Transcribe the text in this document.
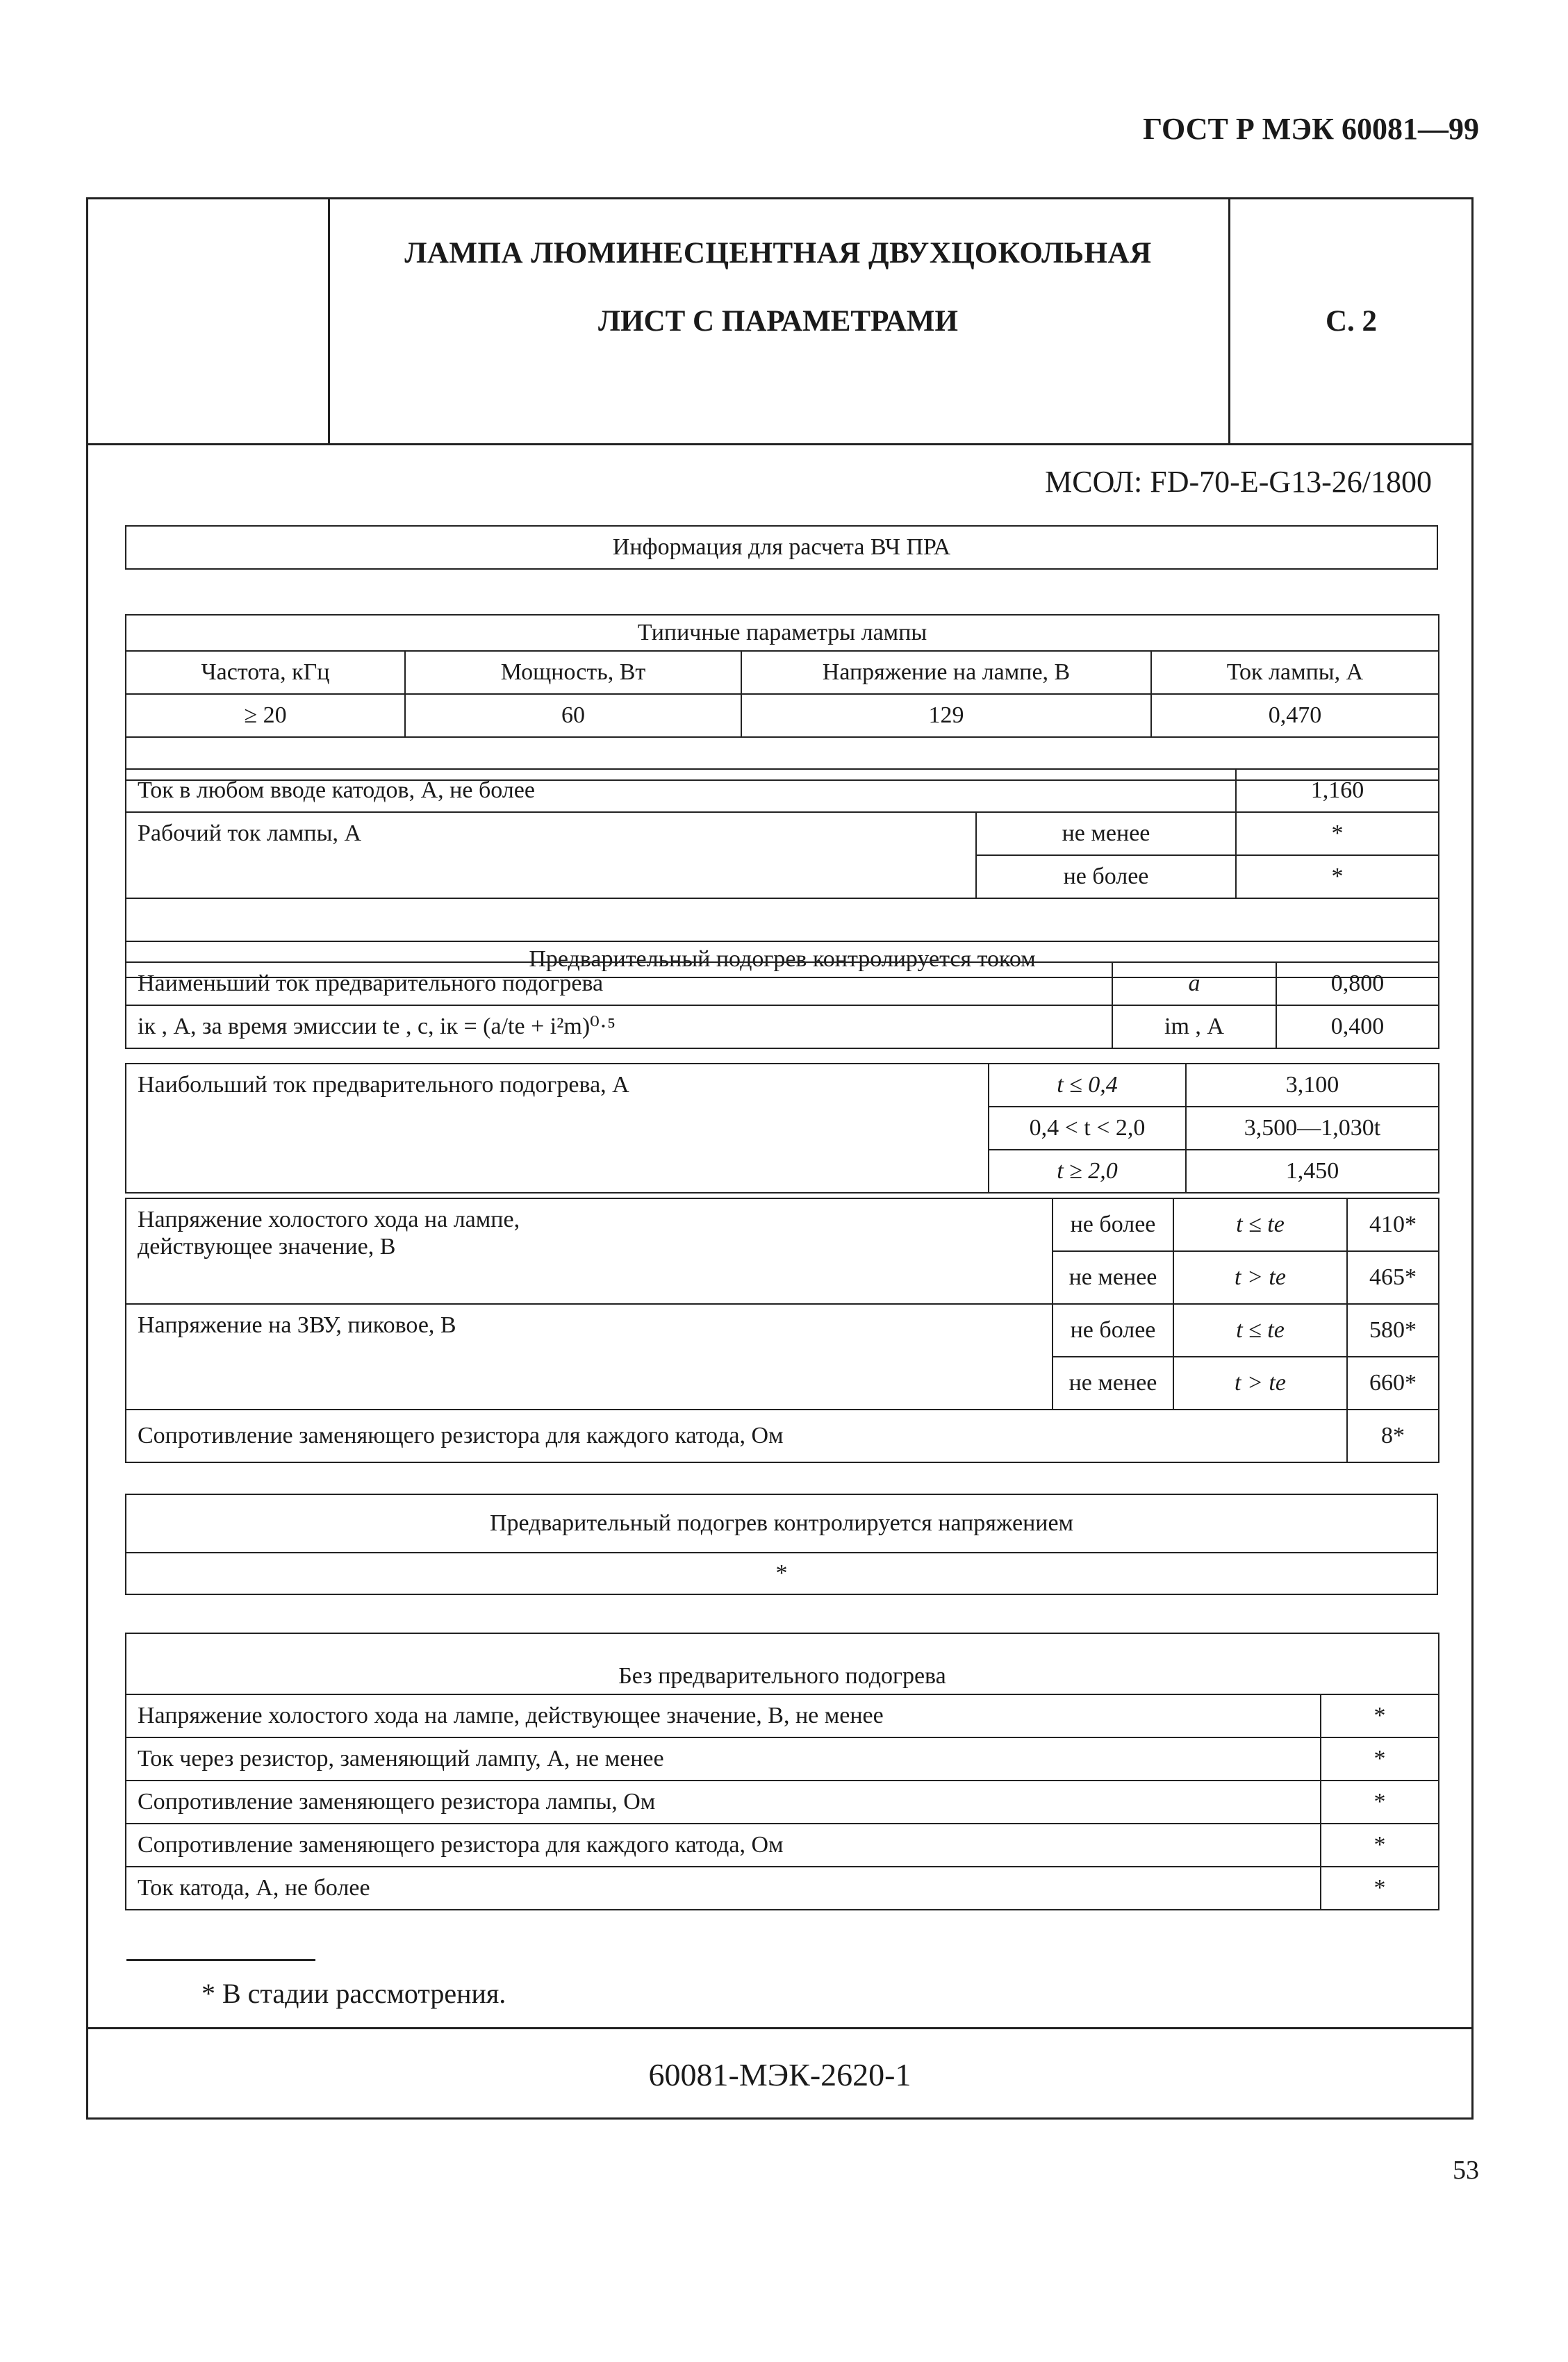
ГОСТ Р МЭК 60081—99
ЛАМПА ЛЮМИНЕСЦЕНТНАЯ ДВУХЦОКОЛЬНАЯ
ЛИСТ С ПАРАМЕТРАМИ	С. 2
МСОЛ: FD-70-E-G13-26/1800
Информация для расчета ВЧ ПРА
Типичные параметры лампы			
Частота, кГц	Мощность, Вт	Напряжение на лампе, В	Ток лампы, А
≥ 20	60	129	0,470

Ток в любом вводе катодов, А, не более		1,160
Рабочий ток лампы, А	не менее	*
	не более	*

Предварительный подогрев контролируется током		
Наименьший ток предварительного подогрева	a	0,800
iк , А, за время эмиссии tе , с, iк = (a/tе + i²m)⁰·⁵	im , А	0,400
Наибольший ток предварительного подогрева, А	t ≤ 0,4	3,100
	0,4 < t < 2,0	3,500—1,030t
	t ≥ 2,0	1,450
Напряжение холостого хода на лампе,
действующее значение, В	не более	t ≤ tе	410*
	не менее	t > tе	465*
Напряжение на ЗВУ, пиковое, В	не более	t ≤ tе	580*
	не менее	t > tе	660*
Сопротивление заменяющего резистора для каждого катода, Ом			8*
Предварительный подогрев контролируется напряжением
*
Без предварительного подогрева	
Напряжение холостого хода на лампе, действующее значение, В, не менее	*
Ток через резистор, заменяющий лампу, А, не менее	*
Сопротивление заменяющего резистора лампы, Ом	*
Сопротивление заменяющего резистора для каждого катода, Ом	*
Ток катода, А, не более	*
* В стадии рассмотрения.
60081-МЭК-2620-1
53
